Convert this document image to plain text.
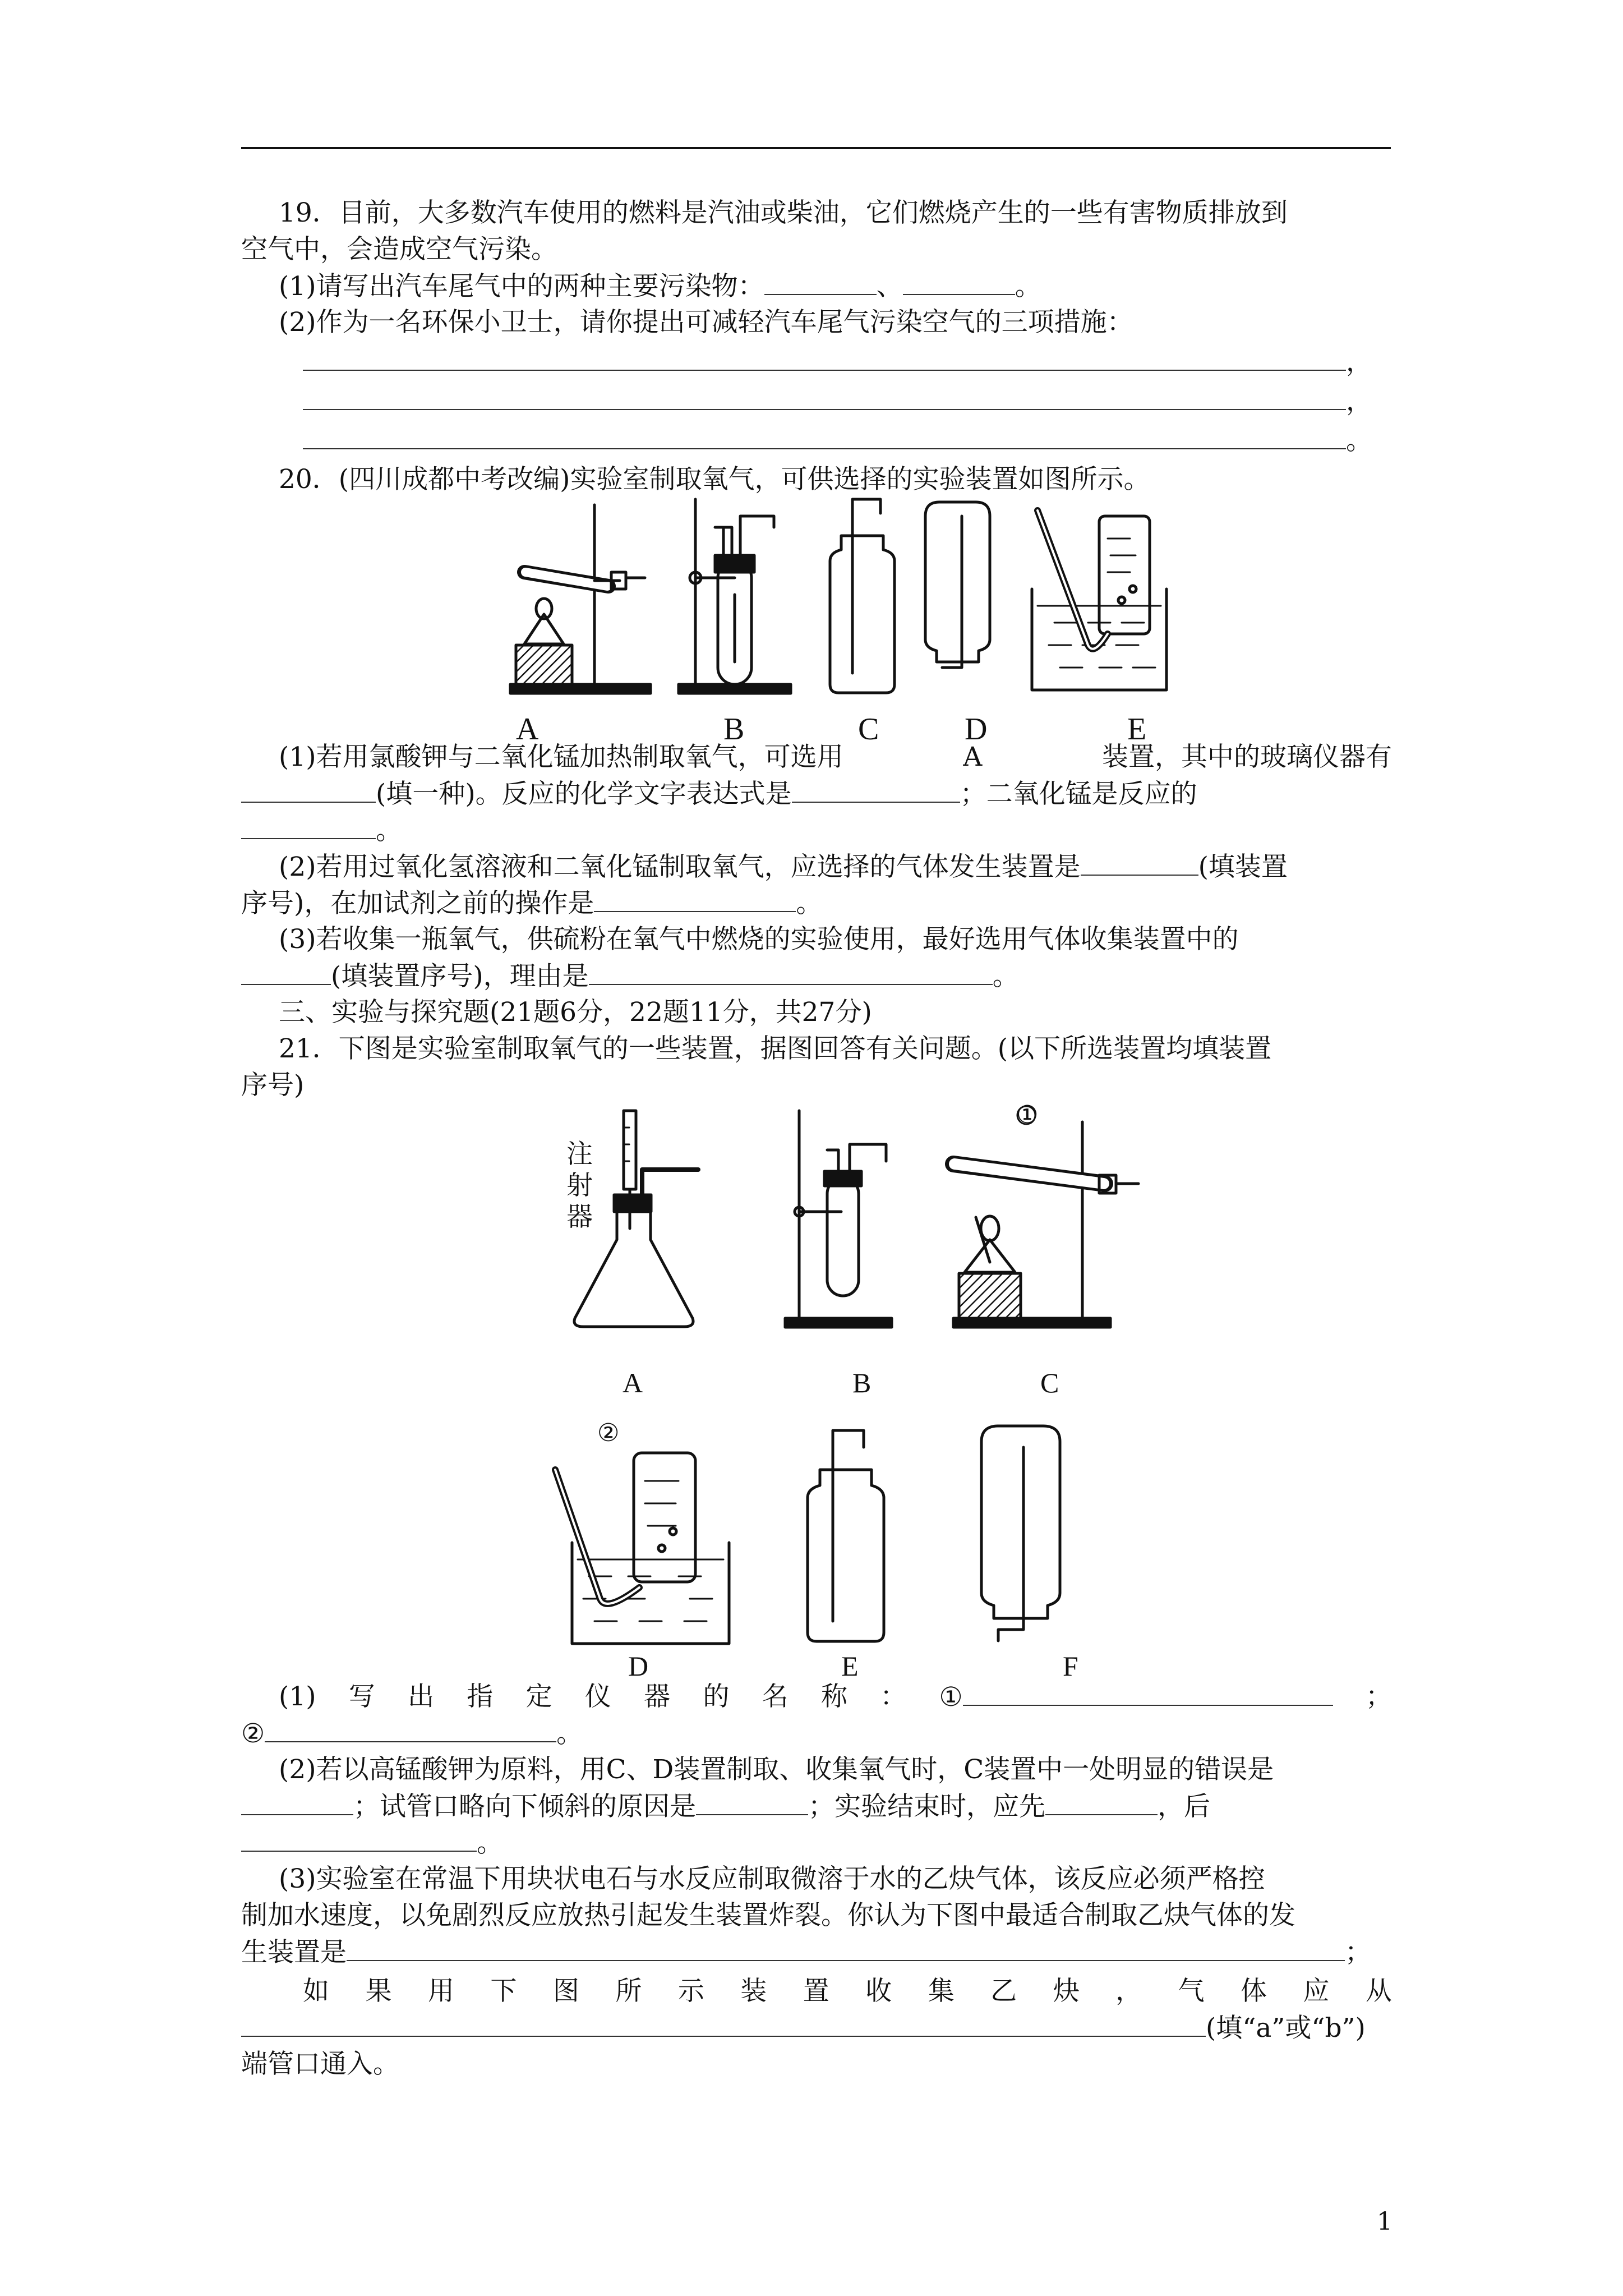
19．目前，大多数汽车使用的燃料是汽油或柴油，它们燃烧产生的一些有害物质排放到
空气中，会造成空气污染。
(1)请写出汽车尾气中的两种主要污染物：	、	。
(2)作为一名环保小卫士，请你提出可减轻汽车尾气污染空气的三项措施：
，
，
。
20．(四川成都中考改编)实验室制取氧气，可供选择的实验装置如图所示。
A	B	C	D	E
(1)若用氯酸钾与二氧化锰加热制取氧气，可选用	A	装置，其中的玻璃仪器有
(填一种)。反应的化学文字表达式是	；二氧化锰是反应的
。
(2)若用过氧化氢溶液和二氧化锰制取氧气，应选择的气体发生装置是	(填装置
序号)，在加试剂之前的操作是	。
(3)若收集一瓶氧气，供硫粉在氧气中燃烧的实验使用，最好选用气体收集装置中的
(填装置序号)，理由是	。
三、实验与探究题(21题6分，22题11分，共27分)
21．下图是实验室制取氧气的一些装置，据图回答有关问题。(以下所选装置均填装置
序号)
注
射
器
①
A	B	C
②
D	E	F
(1) 写 出 指 定 仪 器 的 名 称 ： ①	；
②	。
(2)若以高锰酸钾为原料，用C、D装置制取、收集氧气时，C装置中一处明显的错误是
；试管口略向下倾斜的原因是	；实验结束时，应先	，后
。
(3)实验室在常温下用块状电石与水反应制取微溶于水的乙炔气体，该反应必须严格控
制加水速度，以免剧烈反应放热引起发生装置炸裂。你认为下图中最适合制取乙炔气体的发
生装置是	；
如 果 用 下 图 所 示 装 置 收 集 乙 炔 ， 气 体 应 从
(填“a”或“b”)
端管口通入。
1
